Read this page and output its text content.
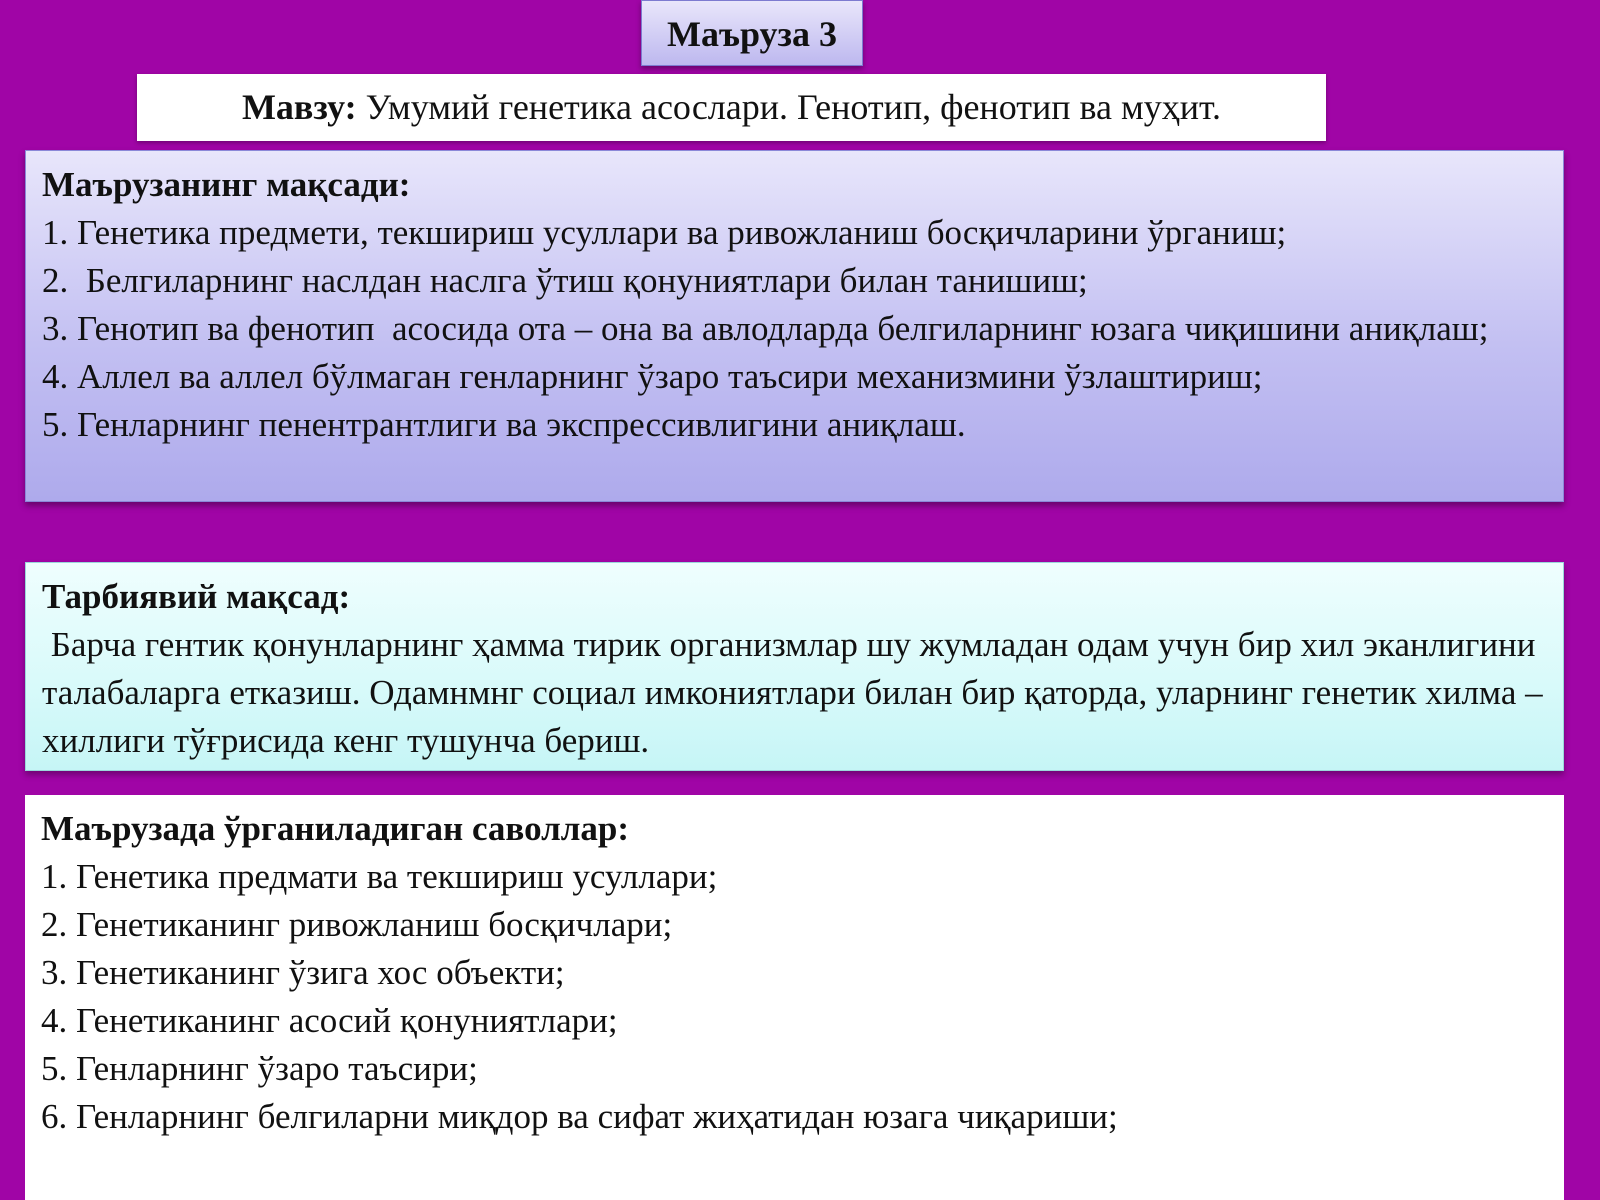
Маъруза 3
Мавзу: Умумий генетика асослари. Генотип, фенотип ва муҳит.
Маърузанинг мақсади:
1. Генетика предмети, текшириш усуллари ва ривожланиш босқичларини ўрганиш;
2.  Белгиларнинг наслдан наслга ўтиш қонуниятлари билан танишиш;
3. Генотип ва фенотип  асосида ота – она ва авлодларда белгиларнинг юзага чиқишини аниқлаш;
4. Аллел ва аллел бўлмаган генларнинг ўзаро таъсири механизмини ўзлаштириш;
5. Генларнинг пенентрантлиги ва экспрессивлигини аниқлаш.
Тарбиявий мақсад:
Барча гентик қонунларнинг ҳамма тирик организмлар шу жумладан одам учун бир хил эканлигини талабаларга етказиш. Одамнмнг социал имкониятлари билан бир қаторда, уларнинг генетик хилма – хиллиги тўғрисида кенг тушунча бериш.
Маърузада ўрганиладиган саволлар:
1. Генетика предмати ва текшириш усуллари;
2. Генетиканинг ривожланиш босқичлари;
3. Генетиканинг ўзига хос объекти;
4. Генетиканинг асосий қонуниятлари;
5. Генларнинг ўзаро таъсири;
6. Генларнинг белгиларни миқдор ва сифат жиҳатидан юзага чиқариши;
